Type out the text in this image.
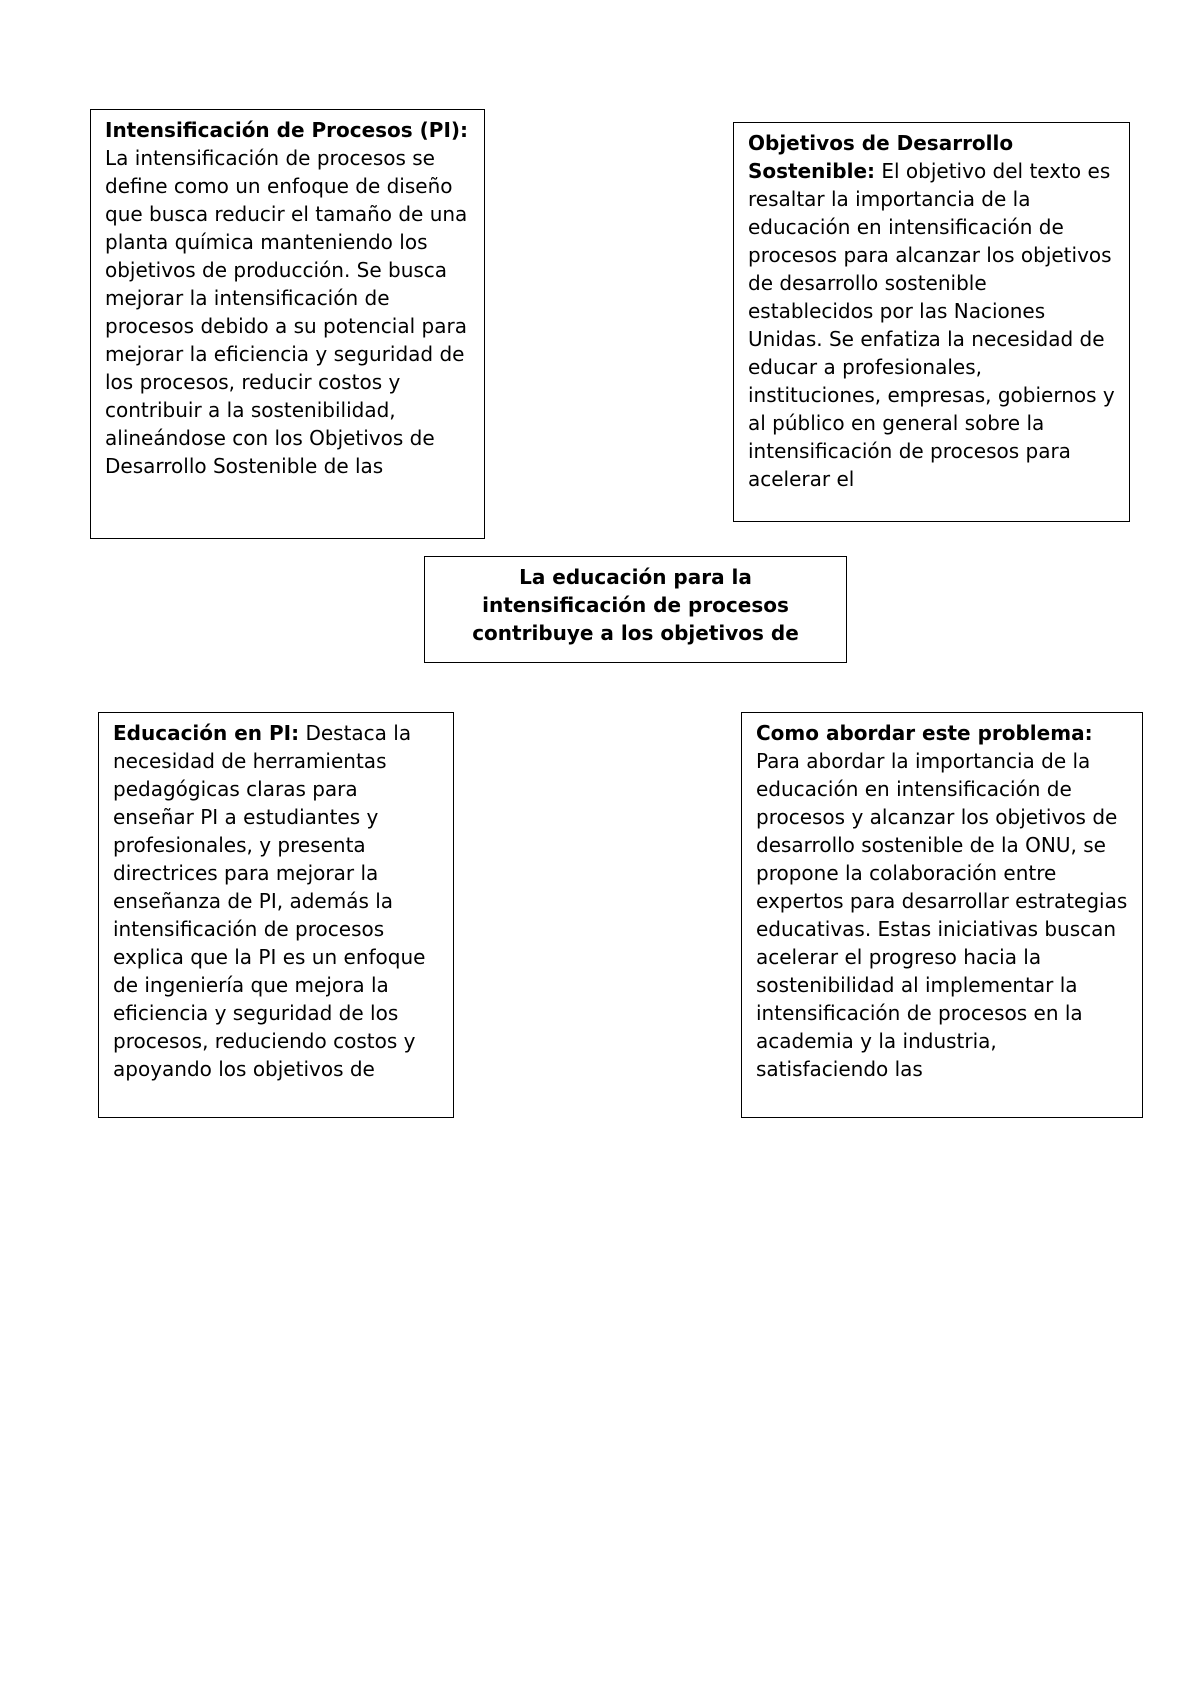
Intensificación de Procesos (PI): La intensificación de procesos se define como un enfoque de diseño que busca reducir el tamaño de una planta química manteniendo los objetivos de producción. Se busca mejorar la intensificación de procesos debido a su potencial para mejorar la eficiencia y seguridad de los procesos, reducir costos y contribuir a la sostenibilidad, alineándose con los Objetivos de Desarrollo Sostenible de las
Objetivos de Desarrollo Sostenible: El objetivo del texto es resaltar la importancia de la educación en intensificación de procesos para alcanzar los objetivos de desarrollo sostenible establecidos por las Naciones Unidas. Se enfatiza la necesidad de educar a profesionales, instituciones, empresas, gobiernos y al público en general sobre la intensificación de procesos para acelerar el
La educación para la intensificación de procesos contribuye a los objetivos de
Educación en PI: Destaca la necesidad de herramientas pedagógicas claras para enseñar PI a estudiantes y profesionales, y presenta directrices para mejorar la enseñanza de PI, además la intensificación de procesos explica que la PI es un enfoque de ingeniería que mejora la eficiencia y seguridad de los procesos, reduciendo costos y apoyando los objetivos de
Como abordar este problema: Para abordar la importancia de la educación en intensificación de procesos y alcanzar los objetivos de desarrollo sostenible de la ONU, se propone la colaboración entre expertos para desarrollar estrategias educativas. Estas iniciativas buscan acelerar el progreso hacia la sostenibilidad al implementar la intensificación de procesos en la academia y la industria, satisfaciendo las
